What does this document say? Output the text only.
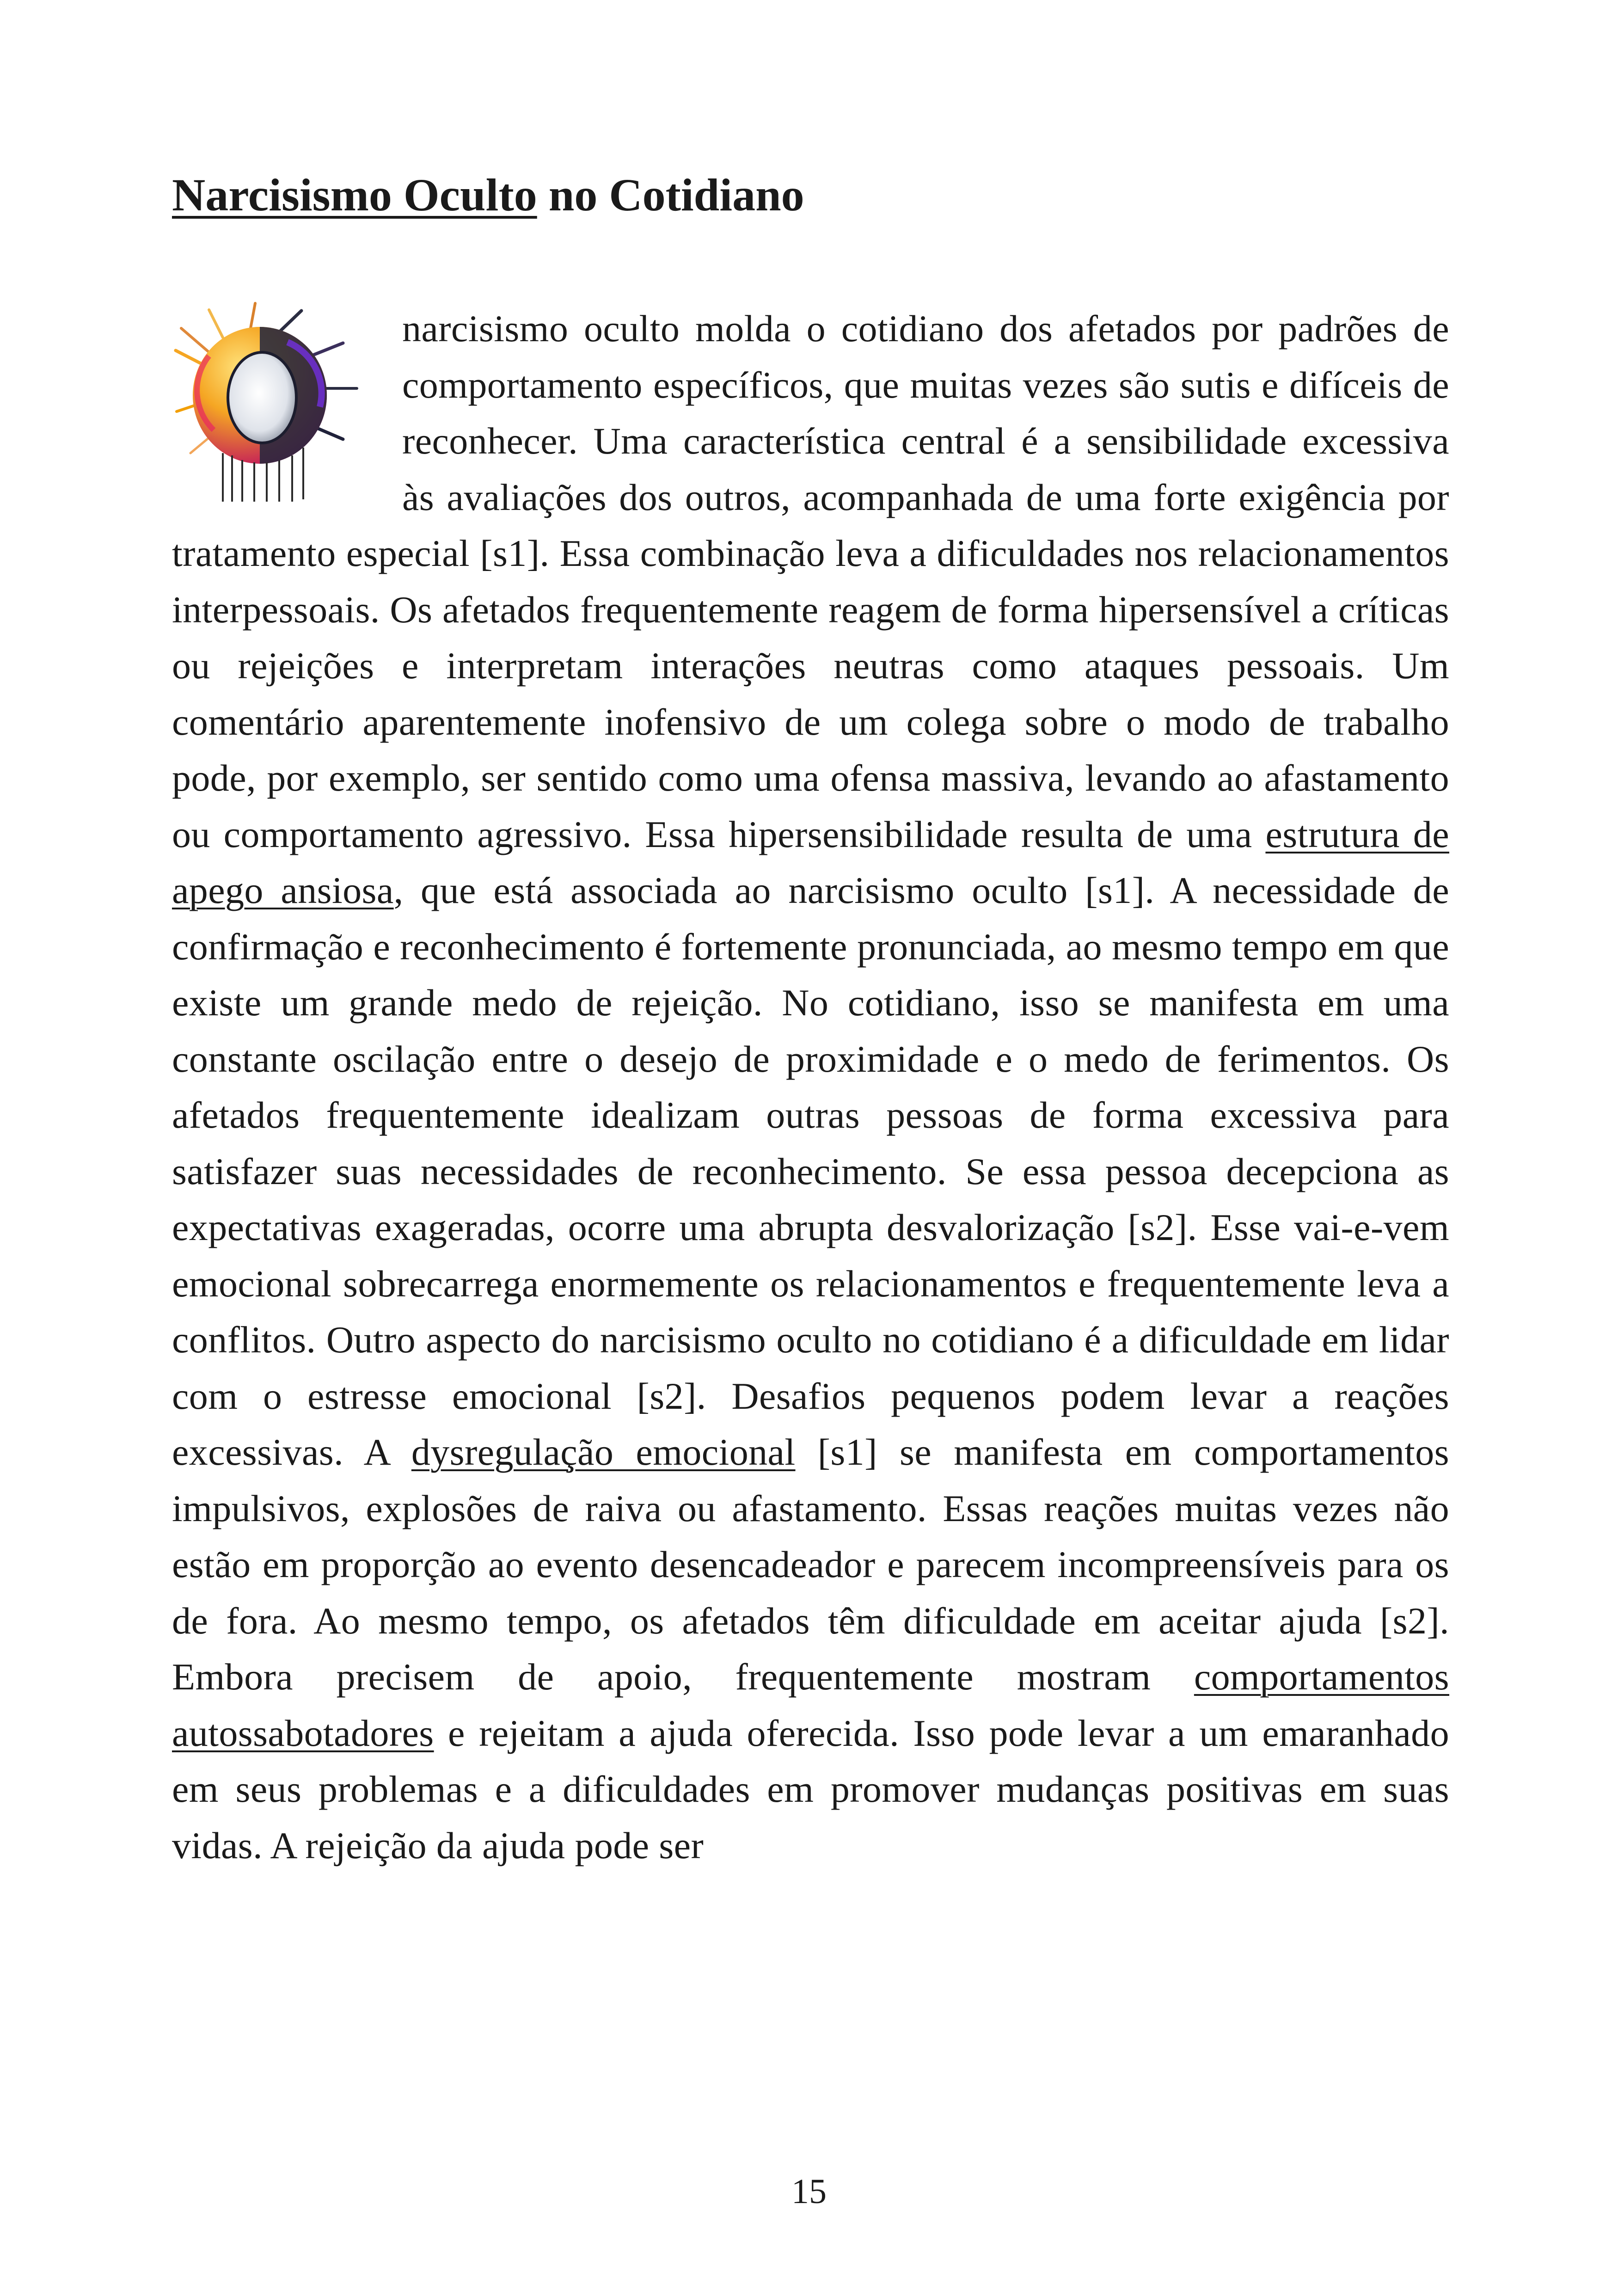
Narcisismo Oculto no Cotidiano

narcisismo oculto molda o cotidiano dos afetados por padrões de comportamento específicos, que muitas vezes são sutis e difíceis de reconhecer. Uma característica central é a sensibilidade excessiva às avaliações dos outros, acompanhada de uma forte exigência por tratamento especial [s1]. Essa combinação leva a dificuldades nos relacionamentos interpessoais. Os afetados frequentemente reagem de forma hipersensível a críticas ou rejeições e interpretam interações neutras como ataques pessoais. Um comentário aparentemente inofensivo de um colega sobre o modo de trabalho pode, por exemplo, ser sentido como uma ofensa massiva, levando ao afastamento ou comportamento agressivo. Essa hipersensibilidade resulta de uma estrutura de apego ansiosa, que está associada ao narcisismo oculto [s1]. A necessidade de confirmação e reconhecimento é fortemente pronunciada, ao mesmo tempo em que existe um grande medo de rejeição. No cotidiano, isso se manifesta em uma constante oscilação entre o desejo de proximidade e o medo de ferimentos. Os afetados frequentemente idealizam outras pessoas de forma excessiva para satisfazer suas necessidades de reconhecimento. Se essa pessoa decepciona as expectativas exageradas, ocorre uma abrupta desvalorização [s2]. Esse vai-e-vem emocional sobrecarrega enormemente os relacionamentos e frequentemente leva a conflitos. Outro aspecto do narcisismo oculto no cotidiano é a dificuldade em lidar com o estresse emocional [s2]. Desafios pequenos podem levar a reações excessivas. A dysregulação emocional [s1] se manifesta em comportamentos impulsivos, explosões de raiva ou afastamento. Essas reações muitas vezes não estão em proporção ao evento desencadeador e parecem incompreensíveis para os de fora. Ao mesmo tempo, os afetados têm dificuldade em aceitar ajuda [s2]. Embora precisem de apoio, frequentemente mostram comportamentos autossabotadores e rejeitam a ajuda oferecida. Isso pode levar a um emaranhado em seus problemas e a dificuldades em promover mudanças positivas em suas vidas. A rejeição da ajuda pode ser

15
